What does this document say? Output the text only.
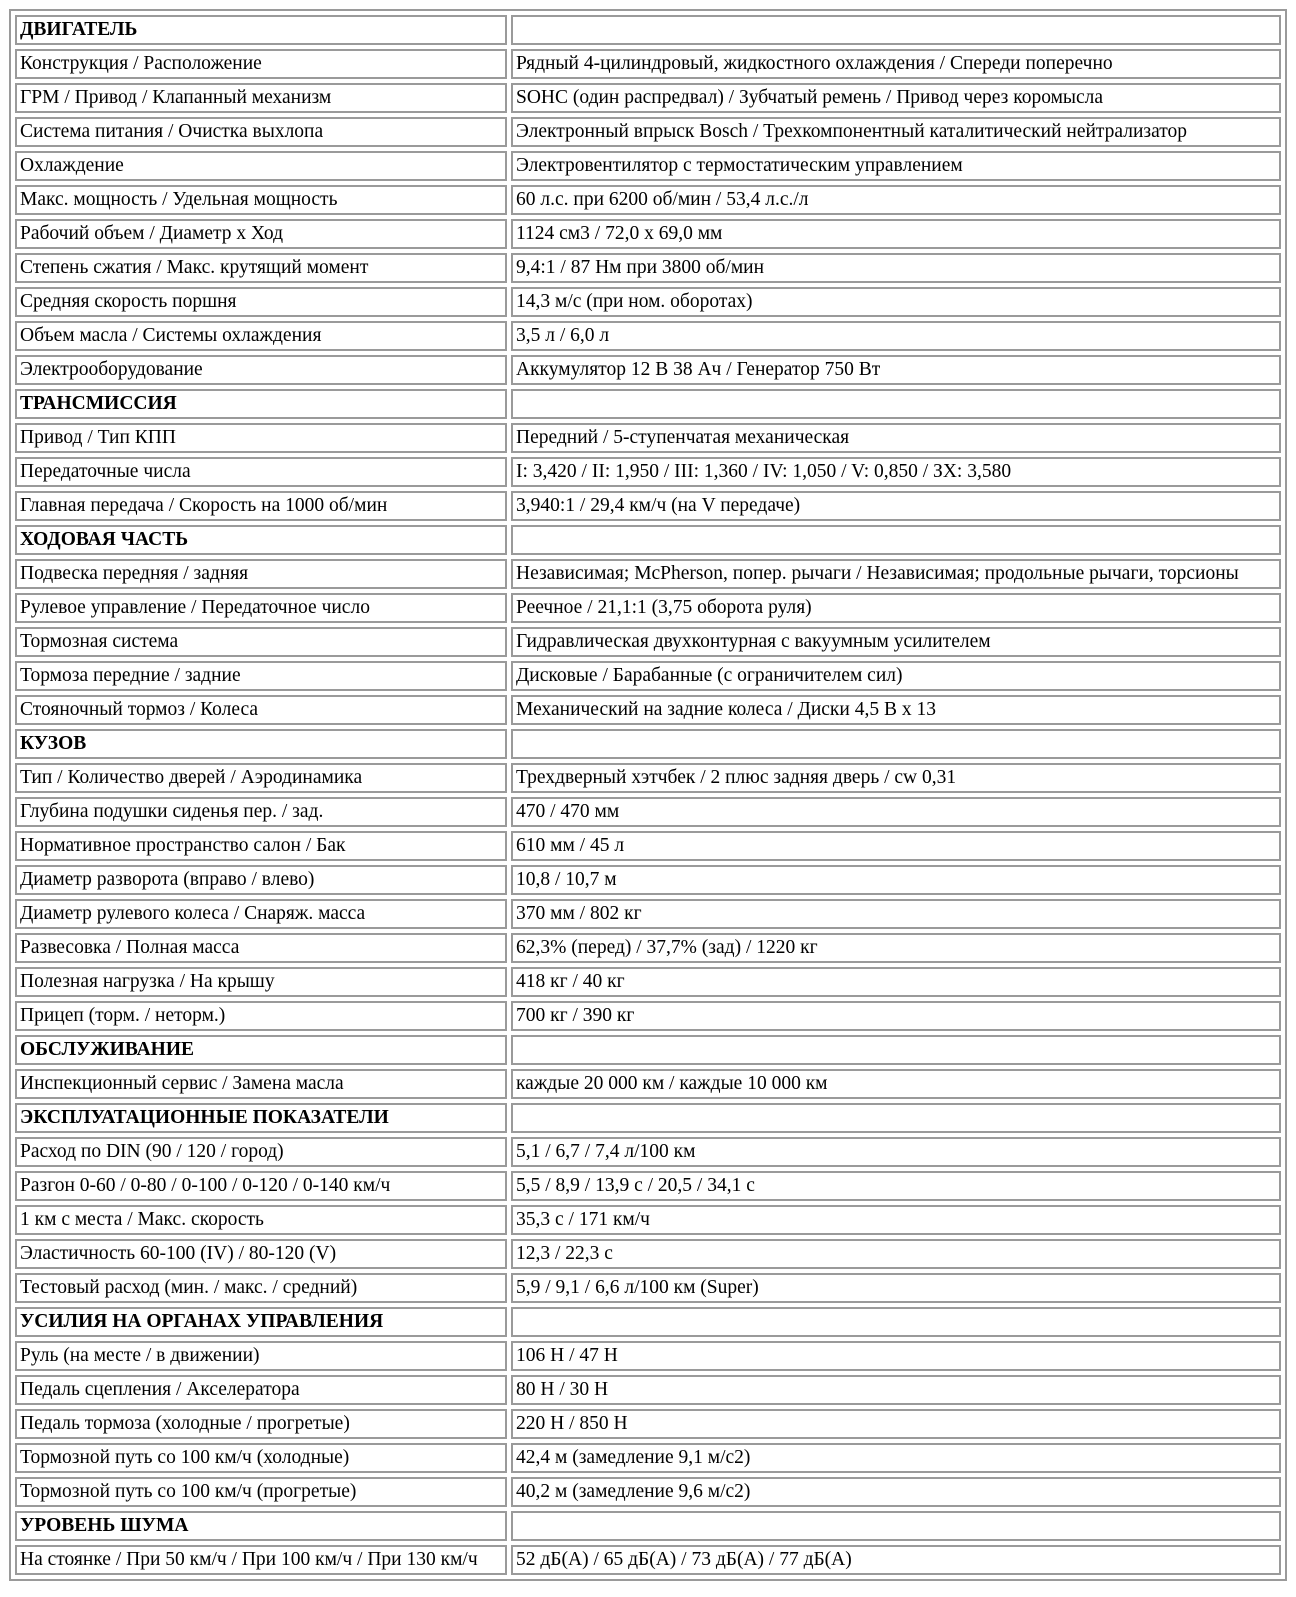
ДВИГАТЕЛЬ	
Конструкция / Расположение	Рядный 4-цилиндровый, жидкостного охлаждения / Спереди поперечно
ГРМ / Привод / Клапанный механизм	SOHC (один распредвал) / Зубчатый ремень / Привод через коромысла
Система питания / Очистка выхлопа	Электронный впрыск Bosch / Трехкомпонентный каталитический нейтрализатор
Охлаждение	Электровентилятор с термостатическим управлением
Макс. мощность / Удельная мощность	60 л.с. при 6200 об/мин / 53,4 л.с./л
Рабочий объем / Диаметр х Ход	1124 см3 / 72,0 х 69,0 мм
Степень сжатия / Макс. крутящий момент	9,4:1 / 87 Нм при 3800 об/мин
Средняя скорость поршня	14,3 м/с (при ном. оборотах)
Объем масла / Системы охлаждения	3,5 л / 6,0 л
Электрооборудование	Аккумулятор 12 В 38 Ач / Генератор 750 Вт
ТРАНСМИССИЯ	
Привод / Тип КПП	Передний / 5-ступенчатая механическая
Передаточные числа	I: 3,420 / II: 1,950 / III: 1,360 / IV: 1,050 / V: 0,850 / ЗХ: 3,580
Главная передача / Скорость на 1000 об/мин	3,940:1 / 29,4 км/ч (на V передаче)
ХОДОВАЯ ЧАСТЬ	
Подвеска передняя / задняя	Независимая; McPherson, попер. рычаги / Независимая; продольные рычаги, торсионы
Рулевое управление / Передаточное число	Реечное / 21,1:1 (3,75 оборота руля)
Тормозная система	Гидравлическая двухконтурная с вакуумным усилителем
Тормоза передние / задние	Дисковые / Барабанные (с ограничителем сил)
Стояночный тормоз / Колеса	Механический на задние колеса / Диски 4,5 В х 13
КУЗОВ	
Тип / Количество дверей / Аэродинамика	Трехдверный хэтчбек / 2 плюс задняя дверь / cw 0,31
Глубина подушки сиденья пер. / зад.	470 / 470 мм
Нормативное пространство салон / Бак	610 мм / 45 л
Диаметр разворота (вправо / влево)	10,8 / 10,7 м
Диаметр рулевого колеса / Снаряж. масса	370 мм / 802 кг
Развесовка / Полная масса	62,3% (перед) / 37,7% (зад) / 1220 кг
Полезная нагрузка / На крышу	418 кг / 40 кг
Прицеп (торм. / неторм.)	700 кг / 390 кг
ОБСЛУЖИВАНИЕ	
Инспекционный сервис / Замена масла	каждые 20 000 км / каждые 10 000 км
ЭКСПЛУАТАЦИОННЫЕ ПОКАЗАТЕЛИ	
Расход по DIN (90 / 120 / город)	5,1 / 6,7 / 7,4 л/100 км
Разгон 0-60 / 0-80 / 0-100 / 0-120 / 0-140 км/ч	5,5 / 8,9 / 13,9 с / 20,5 / 34,1 с
1 км с места / Макс. скорость	35,3 с / 171 км/ч
Эластичность 60-100 (IV) / 80-120 (V)	12,3 / 22,3 с
Тестовый расход (мин. / макс. / средний)	5,9 / 9,1 / 6,6 л/100 км (Super)
УСИЛИЯ НА ОРГАНАХ УПРАВЛЕНИЯ	
Руль (на месте / в движении)	106 Н / 47 Н
Педаль сцепления / Акселератора	80 Н / 30 Н
Педаль тормоза (холодные / прогретые)	220 Н / 850 Н
Тормозной путь со 100 км/ч (холодные)	42,4 м (замедление 9,1 м/с2)
Тормозной путь со 100 км/ч (прогретые)	40,2 м (замедление 9,6 м/с2)
УРОВЕНЬ ШУМА	
На стоянке / При 50 км/ч / При 100 км/ч / При 130 км/ч	52 дБ(А) / 65 дБ(А) / 73 дБ(А) / 77 дБ(А)
